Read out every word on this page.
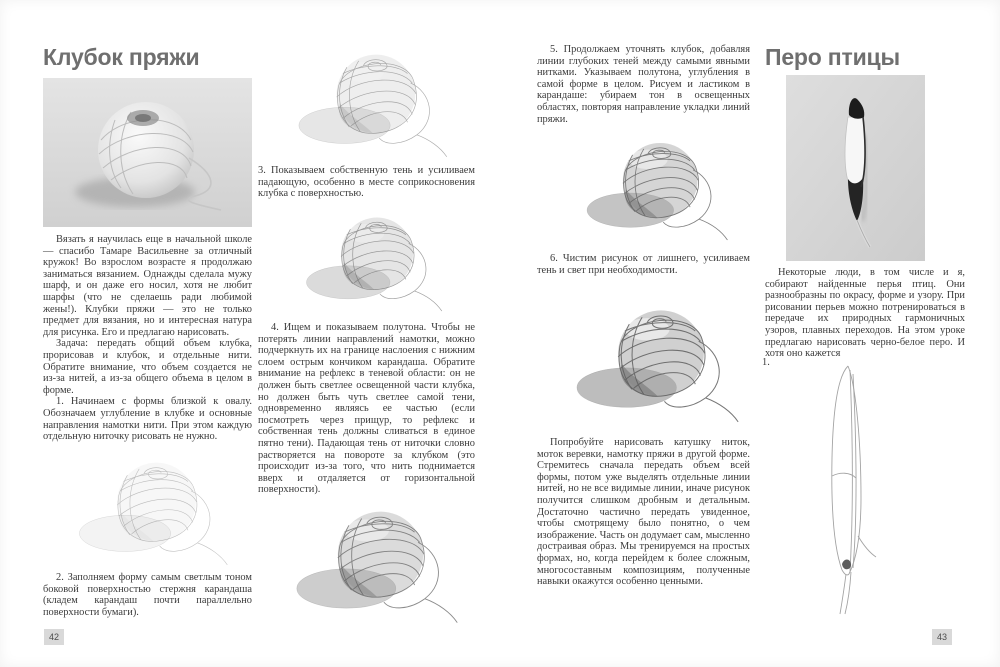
Клубок пряжи

Вязать я научилась еще в начальной школе — спасибо Тамаре Васильевне за отличный кружок! Во взрослом возрасте я продолжаю заниматься вязанием. Однажды сделала мужу шарф, и он даже его носил, хотя не любит шарфы (что не сделаешь ради любимой жены!). Клубки пряжи — это не только предмет для вязания, но и интересная натура для рисунка. Его и предлагаю нарисовать.

Задача: передать общий объем клубка, прорисовав и клубок, и отдельные нити. Обратите внимание, что объем создается не из-за нитей, а из-за общего объема в целом в форме.

1. Начинаем с формы близкой к овалу. Обозначаем углубление в клубке и основные направления намотки нити. При этом каждую отдельную ниточку рисовать не нужно.

2. Заполняем форму самым светлым тоном боковой поверхностью стержня карандаша (кладем карандаш почти параллельно поверхности бумаги).

42

3. Показываем собственную тень и усиливаем падающую, особенно в месте соприкосновения клубка с поверхностью.

4. Ищем и показываем полутона. Чтобы не потерять линии направлений намотки, можно подчеркнуть их на границе наслоения с нижним слоем острым кончиком карандаша. Обратите внимание на рефлекс в теневой области: он не должен быть светлее освещенной части клубка, но должен быть чуть светлее самой тени, одновременно являясь ее частью (если посмотреть через прищур, то рефлекс и собственная тень должны сливаться в единое пятно тени). Падающая тень от ниточки словно растворяется на повороте за клубком (это происходит из-за того, что нить поднимается вверх и отдаляется от горизонтальной поверхности).

5. Продолжаем уточнять клубок, добавляя линии глубоких теней между самыми явными нитками. Указываем полутона, углубления в самой форме в целом. Рисуем и ластиком в карандаше: убираем тон в освещенных областях, повторяя направление укладки линий пряжи.

6. Чистим рисунок от лишнего, усиливаем тень и свет при необходимости.

Попробуйте нарисовать катушку ниток, моток веревки, намотку пряжи в другой форме. Стремитесь сначала передать объем всей формы, потом уже выделять отдельные линии нитей, но не все видимые линии, иначе рисунок получится слишком дробным и детальным. Достаточно частично передать увиденное, чтобы смотрящему было понятно, о чем изображение. Часть он додумает сам, мысленно достраивая образ. Мы тренируемся на простых формах, но, когда перейдем к более сложным, многосоставным композициям, полученные навыки окажутся особенно ценными.

Перо птицы

Некоторые люди, в том числе и я, собирают найденные перья птиц. Они разнообразны по окрасу, форме и узору. При рисовании перьев можно потренироваться в передаче их природных гармоничных узоров, плавных переходов. На этом уроке предлагаю нарисовать черно-белое перо. И хотя оно кажется

1.
43
